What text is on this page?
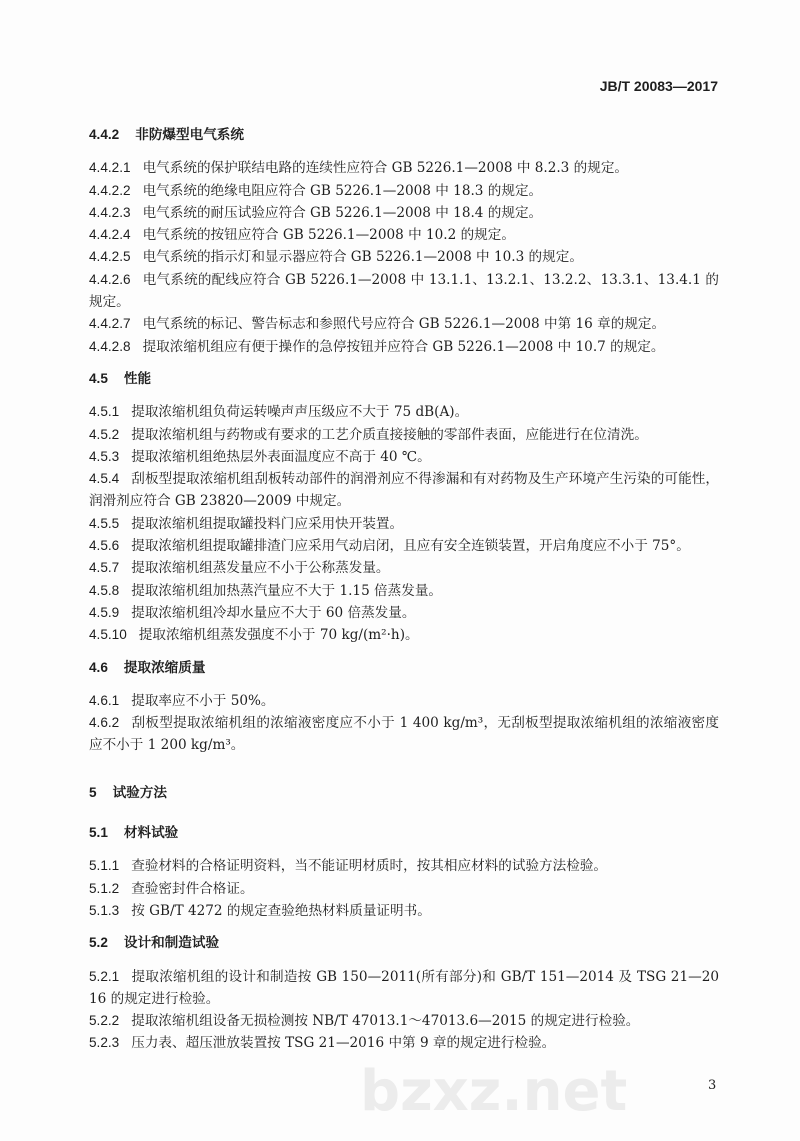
bzxz.net
JB/T 20083—2017
4.4.2 非防爆型电气系统

4.4.2.1 电气系统的保护联结电路的连续性应符合 GB 5226.1—2008 中 8.2.3 的规定。

4.4.2.2 电气系统的绝缘电阻应符合 GB 5226.1—2008 中 18.3 的规定。

4.4.2.3 电气系统的耐压试验应符合 GB 5226.1—2008 中 18.4 的规定。

4.4.2.4 电气系统的按钮应符合 GB 5226.1—2008 中 10.2 的规定。

4.4.2.5 电气系统的指示灯和显示器应符合 GB 5226.1—2008 中 10.3 的规定。

4.4.2.6 电气系统的配线应符合 GB 5226.1—2008 中 13.1.1、13.2.1、13.2.2、13.3.1、13.4.1 的规定。

4.4.2.7 电气系统的标记、警告标志和参照代号应符合 GB 5226.1—2008 中第 16 章的规定。

4.4.2.8 提取浓缩机组应有便于操作的急停按钮并应符合 GB 5226.1—2008 中 10.7 的规定。

4.5 性能

4.5.1 提取浓缩机组负荷运转噪声声压级应不大于 75 dB(A)。

4.5.2 提取浓缩机组与药物或有要求的工艺介质直接接触的零部件表面，应能进行在位清洗。

4.5.3 提取浓缩机组绝热层外表面温度应不高于 40 ℃。

4.5.4 刮板型提取浓缩机组刮板转动部件的润滑剂应不得渗漏和有对药物及生产环境产生污染的可能性，润滑剂应符合 GB 23820—2009 中规定。

4.5.5 提取浓缩机组提取罐投料门应采用快开装置。

4.5.6 提取浓缩机组提取罐排渣门应采用气动启闭，且应有安全连锁装置，开启角度应不小于 75°。

4.5.7 提取浓缩机组蒸发量应不小于公称蒸发量。

4.5.8 提取浓缩机组加热蒸汽量应不大于 1.15 倍蒸发量。

4.5.9 提取浓缩机组冷却水量应不大于 60 倍蒸发量。

4.5.10 提取浓缩机组蒸发强度不小于 70 kg/(m²·h)。

4.6 提取浓缩质量

4.6.1 提取率应不小于 50%。

4.6.2 刮板型提取浓缩机组的浓缩液密度应不小于 1 400 kg/m³，无刮板型提取浓缩机组的浓缩液密度应不小于 1 200 kg/m³。

5 试验方法
5.1 材料试验

5.1.1 查验材料的合格证明资料，当不能证明材质时，按其相应材料的试验方法检验。

5.1.2 查验密封件合格证。

5.1.3 按 GB/T 4272 的规定查验绝热材料质量证明书。

5.2 设计和制造试验

5.2.1 提取浓缩机组的设计和制造按 GB 150—2011(所有部分)和 GB/T 151—2014 及 TSG 21—2016 的规定进行检验。

5.2.2 提取浓缩机组设备无损检测按 NB/T 47013.1～47013.6—2015 的规定进行检验。

5.2.3 压力表、超压泄放装置按 TSG 21—2016 中第 9 章的规定进行检验。

3
